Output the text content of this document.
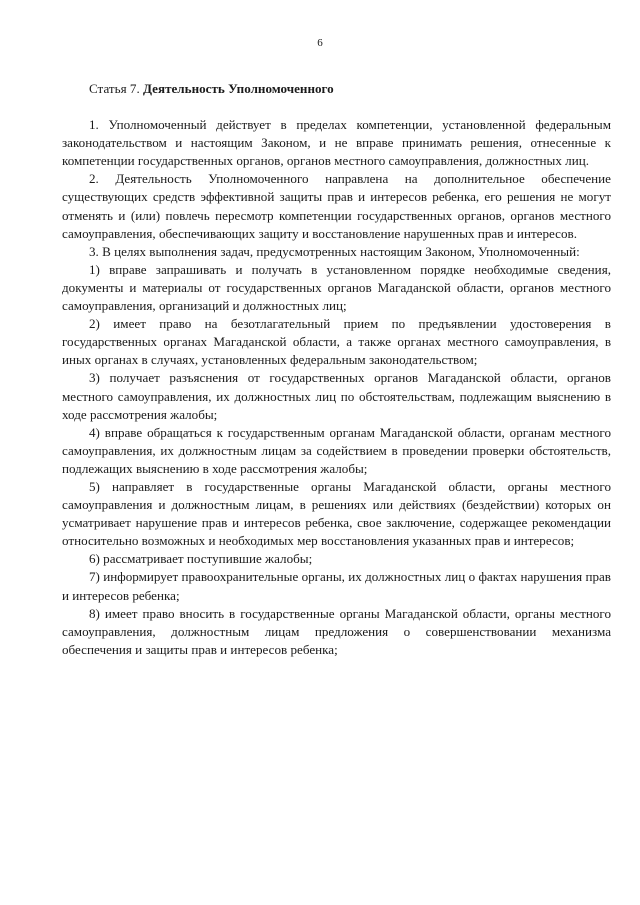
6

Статья 7. Деятельность Уполномоченного

1. Уполномоченный действует в пределах компетенции, установленной федеральным законодательством и настоящим Законом, и не вправе принимать решения, отнесенные к компетенции государственных органов, органов местного самоуправления, должностных лиц.

2. Деятельность Уполномоченного направлена на дополнительное обеспечение существующих средств эффективной защиты прав и интересов ребенка, его решения не могут отменять и (или) повлечь пересмотр компетенции государственных органов, органов местного самоуправления, обеспечивающих защиту и восстановление нарушенных прав и интересов.

3. В целях выполнения задач, предусмотренных настоящим Законом, Уполномоченный:

1) вправе запрашивать и получать в установленном порядке необходимые сведения, документы и материалы от государственных органов Магаданской области, органов местного самоуправления, организаций и должностных лиц;

2) имеет право на безотлагательный прием по предъявлении удостоверения в государственных органах Магаданской области, а также органах местного самоуправления, в иных органах в случаях, установленных федеральным законодательством;

3) получает разъяснения от государственных органов Магаданской области, органов местного самоуправления, их должностных лиц по обстоятельствам, подлежащим выяснению в ходе рассмотрения жалобы;

4) вправе обращаться к государственным органам Магаданской области, органам местного самоуправления, их должностным лицам за содействием в проведении проверки обстоятельств, подлежащих выяснению в ходе рассмотрения жалобы;

5) направляет в государственные органы Магаданской области, органы местного самоуправления и должностным лицам, в решениях или действиях (бездействии) которых он усматривает нарушение прав и интересов ребенка, свое заключение, содержащее рекомендации относительно возможных и необходимых мер восстановления указанных прав и интересов;

6) рассматривает поступившие жалобы;

7) информирует правоохранительные органы, их должностных лиц о фактах нарушения прав и интересов ребенка;

8) имеет право вносить в государственные органы Магаданской области, органы местного самоуправления, должностным лицам предложения о совершенствовании механизма обеспечения и защиты прав и интересов ребенка;
